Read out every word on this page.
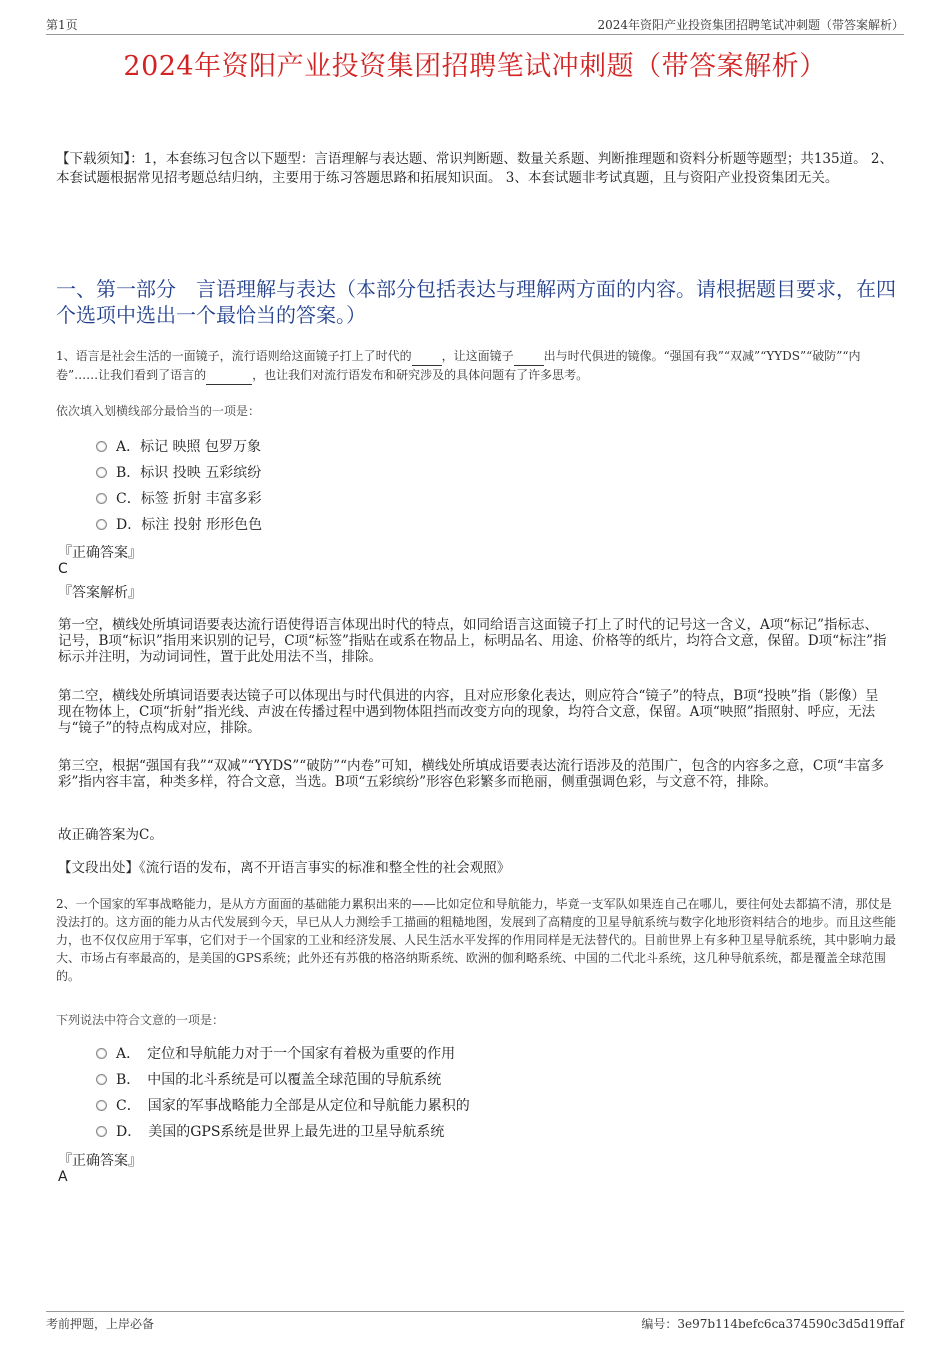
第1页	2024年资阳产业投资集团招聘笔试冲刺题（带答案解析）
2024年资阳产业投资集团招聘笔试冲刺题（带答案解析）
【下载须知】：1，本套练习包含以下题型：言语理解与表达题、常识判断题、数量关系题、判断推理题和资料分析题等题型；共135道。 2、本套试题根据常见招考题总结归纳，主要用于练习答题思路和拓展知识面。 3、本套试题非考试真题，且与资阳产业投资集团无关。
一、第一部分　言语理解与表达（本部分包括表达与理解两方面的内容。请根据题目要求，在四个选项中选出一个最恰当的答案。）
1、语言是社会生活的一面镜子，流行语则给这面镜子打上了时代的	，让这面镜子	出与时代俱进的镜像。“强国有我”“双减”“YYDS”“破防”“内卷”……让我们看到了语言的	，也让我们对流行语发布和研究涉及的具体问题有了许多思考。
依次填入划横线部分最恰当的一项是：
A．标记 映照 包罗万象
B．标识 投映 五彩缤纷
C．标签 折射 丰富多彩
D．标注 投射 形形色色
『正确答案』
C
『答案解析』
第一空，横线处所填词语要表达流行语使得语言体现出时代的特点，如同给语言这面镜子打上了时代的记号这一含义，A项“标记”指标志、记号，B项“标识”指用来识别的记号，C项“标签”指贴在或系在物品上，标明品名、用途、价格等的纸片，均符合文意，保留。D项“标注”指标示并注明，为动词词性，置于此处用法不当，排除。
第二空，横线处所填词语要表达镜子可以体现出与时代俱进的内容，且对应形象化表达，则应符合“镜子”的特点，B项“投映”指（影像）呈现在物体上，C项“折射”指光线、声波在传播过程中遇到物体阻挡而改变方向的现象，均符合文意，保留。A项“映照”指照射、呼应，无法与“镜子”的特点构成对应，排除。
第三空，根据“强国有我”“双减”“YYDS”“破防”“内卷”可知，横线处所填成语要表达流行语涉及的范围广，包含的内容多之意，C项“丰富多彩”指内容丰富，种类多样，符合文意，当选。B项“五彩缤纷”形容色彩繁多而艳丽，侧重强调色彩，与文意不符，排除。
故正确答案为C。
【文段出处】《流行语的发布，离不开语言事实的标准和整全性的社会观照》
2、一个国家的军事战略能力，是从方方面面的基础能力累积出来的——比如定位和导航能力，毕竟一支军队如果连自己在哪儿，要往何处去都搞不清，那仗是没法打的。这方面的能力从古代发展到今天，早已从人力测绘手工描画的粗糙地图，发展到了高精度的卫星导航系统与数字化地形资料结合的地步。而且这些能力，也不仅仅应用于军事，它们对于一个国家的工业和经济发展、人民生活水平发挥的作用同样是无法替代的。目前世界上有多种卫星导航系统，其中影响力最大、市场占有率最高的，是美国的GPS系统；此外还有苏俄的格洛纳斯系统、欧洲的伽利略系统、中国的二代北斗系统，这几种导航系统，都是覆盖全球范围的。
下列说法中符合文意的一项是：
A．　定位和导航能力对于一个国家有着极为重要的作用
B．　中国的北斗系统是可以覆盖全球范围的导航系统
C．　国家的军事战略能力全部是从定位和导航能力累积的
D．　美国的GPS系统是世界上最先进的卫星导航系统
『正确答案』
A
考前押题，上岸必备	编号：3e97b114befc6ca374590c3d5d19ffaf
